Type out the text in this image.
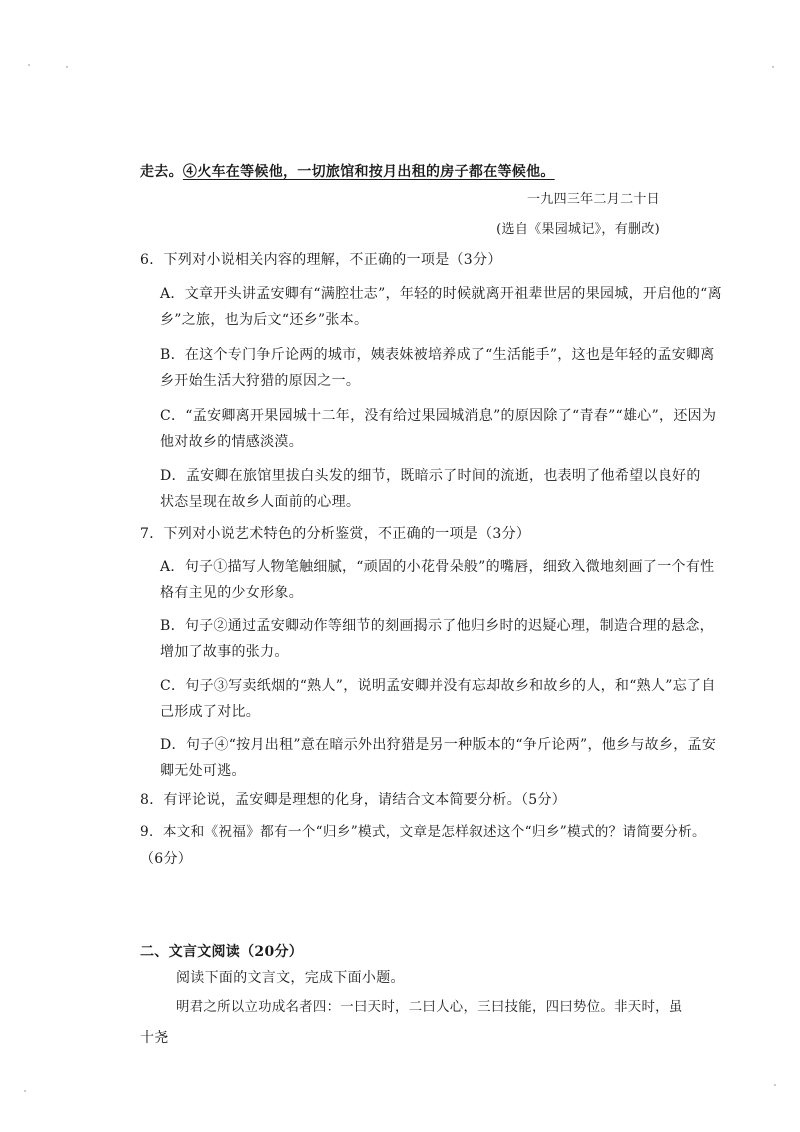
走去。④火车在等候他，一切旅馆和按月出租的房子都在等候他。
一九四三年二月二十日
(选自《果园城记》，有删改)
6．下列对小说相关内容的理解，不正确的一项是（3分）
A．文章开头讲孟安卿有“满腔壮志”，年轻的时候就离开祖辈世居的果园城，开启他的“离
乡”之旅，也为后文“还乡”张本。
B．在这个专门争斤论两的城市，姨表妹被培养成了“生活能手”，这也是年轻的孟安卿离
乡开始生活大狩猎的原因之一。
C．“孟安卿离开果园城十二年，没有给过果园城消息”的原因除了“青春”“雄心”，还因为
他对故乡的情感淡漠。
D．孟安卿在旅馆里拔白头发的细节，既暗示了时间的流逝，也表明了他希望以良好的
状态呈现在故乡人面前的心理。
7．下列对小说艺术特色的分析鉴赏，不正确的一项是（3分）
A．句子①描写人物笔触细腻，“顽固的小花骨朵般”的嘴唇，细致入微地刻画了一个有性
格有主见的少女形象。
B．句子②通过孟安卿动作等细节的刻画揭示了他归乡时的迟疑心理，制造合理的悬念，
增加了故事的张力。
C．句子③写卖纸烟的“熟人”，说明孟安卿并没有忘却故乡和故乡的人，和“熟人”忘了自
己形成了对比。
D．句子④“按月出租”意在暗示外出狩猎是另一种版本的“争斤论两”，他乡与故乡，孟安
卿无处可逃。
8．有评论说，孟安卿是理想的化身，请结合文本简要分析。（5分）
9．本文和《祝福》都有一个“归乡”模式，文章是怎样叙述这个“归乡”模式的？请简要分析。
（6分）
二、文言文阅读（20分）
阅读下面的文言文，完成下面小题。
明君之所以立功成名者四：一曰天时，二曰人心，三曰技能，四曰势位。非天时，虽
十尧
